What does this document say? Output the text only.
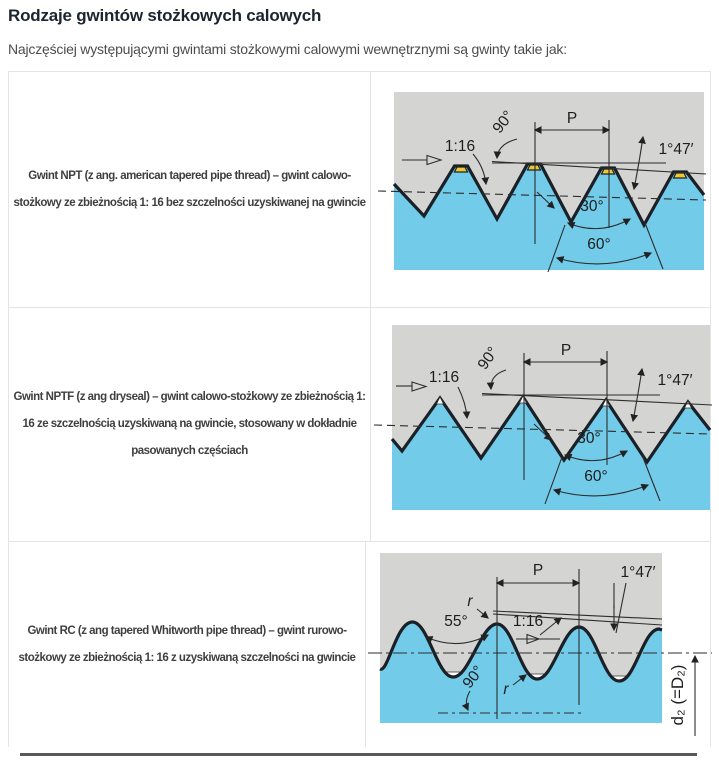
Rodzaje gwintów stożkowych calowych

Najczęściej występującymi gwintami stożkowymi calowymi wewnętrznymi są gwinty takie jak:

Gwint NPT (z ang. american tapered pipe thread) – gwint calowo-stożkowy ze zbieżnością 1: 16 bez szczelności uzyskiwanej na gwincie
1:16
90°	P
1°47′
30°
60°
Gwint NPTF (z ang dryseal) – gwint calowo-stożkowy ze zbieżnością 1: 16 ze szczelnością uzyskiwaną na gwincie, stosowany w dokładnie pasowanych częściach
1:16
90°	P
1°47′
30°
60°
Gwint RC (z ang tapered Whitworth pipe thread) – gwint rurowo-stożkowy ze zbieżnością 1: 16 z uzyskiwaną szczelności na gwincie
P	1°47′
r
r
55°	1:16
90°	d₂ (=D₂)
